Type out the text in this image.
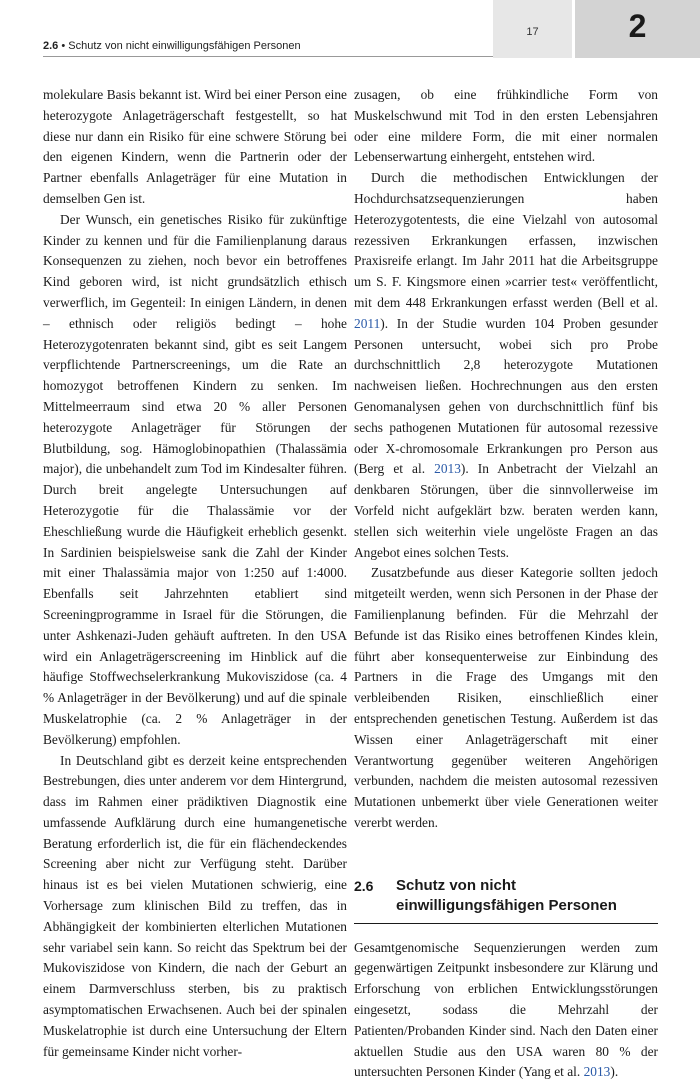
17	2
2.6 • Schutz von nicht einwilligungsfähigen Personen

molekulare Basis bekannt ist. Wird bei einer Person eine heterozygote Anlageträgerschaft festgestellt, so hat diese nur dann ein Risiko für eine schwere Störung bei den eigenen Kindern, wenn die Partnerin oder der Partner ebenfalls Anlageträger für eine Mutation in demselben Gen ist.

Der Wunsch, ein genetisches Risiko für zukünftige Kinder zu kennen und für die Familienplanung daraus Konsequenzen zu ziehen, noch bevor ein betroffenes Kind geboren wird, ist nicht grundsätzlich ethisch verwerflich, im Gegenteil: In einigen Ländern, in denen – ethnisch oder religiös bedingt – hohe Heterozygotenraten bekannt sind, gibt es seit Langem verpflichtende Partnerscreenings, um die Rate an homozygot betroffenen Kindern zu senken. Im Mittelmeerraum sind etwa 20 % aller Personen heterozygote Anlageträger für Störungen der Blutbildung, sog. Hämoglobinopathien (Thalassämia major), die unbehandelt zum Tod im Kindesalter führen. Durch breit angelegte Untersuchungen auf Heterozygotie für die Thalassämie vor der Eheschließung wurde die Häufigkeit erheblich gesenkt. In Sardinien beispielsweise sank die Zahl der Kinder mit einer Thalassämia major von 1:250 auf 1:4000. Ebenfalls seit Jahrzehnten etabliert sind Screeningprogramme in Israel für die Störungen, die unter Ashkenazi-Juden gehäuft auftreten. In den USA wird ein Anlageträgerscreening im Hinblick auf die häufige Stoffwechselerkrankung Mukoviszidose (ca. 4 % Anlageträger in der Bevölkerung) und auf die spinale Muskelatrophie (ca. 2 % Anlageträger in der Bevölkerung) empfohlen.

In Deutschland gibt es derzeit keine entsprechenden Bestrebungen, dies unter anderem vor dem Hintergrund, dass im Rahmen einer prädiktiven Diagnostik eine umfassende Aufklärung durch eine humangenetische Beratung erforderlich ist, die für ein flächendeckendes Screening aber nicht zur Verfügung steht. Darüber hinaus ist es bei vielen Mutationen schwierig, eine Vorhersage zum klinischen Bild zu treffen, das in Abhängigkeit der kombinierten elterlichen Mutationen sehr variabel sein kann. So reicht das Spektrum bei der Mukoviszidose von Kindern, die nach der Geburt an einem Darmverschluss sterben, bis zu praktisch asymptomatischen Erwachsenen. Auch bei der spinalen Muskelatrophie ist durch eine Untersuchung der Eltern für gemeinsame Kinder nicht vorher-

zusagen, ob eine frühkindliche Form von Muskelschwund mit Tod in den ersten Lebensjahren oder eine mildere Form, die mit einer normalen Lebenserwartung einhergeht, entstehen wird.

Durch die methodischen Entwicklungen der Hochdurchsatzsequenzierungen haben Heterozygotentests, die eine Vielzahl von autosomal rezessiven Erkrankungen erfassen, inzwischen Praxisreife erlangt. Im Jahr 2011 hat die Arbeitsgruppe um S. F. Kingsmore einen »carrier test« veröffentlicht, mit dem 448 Erkrankungen erfasst werden (Bell et al. 2011). In der Studie wurden 104 Proben gesunder Personen untersucht, wobei sich pro Probe durchschnittlich 2,8 heterozygote Mutationen nachweisen ließen. Hochrechnungen aus den ersten Genomanalysen gehen von durchschnittlich fünf bis sechs pathogenen Mutationen für autosomal rezessive oder X-chromosomale Erkrankungen pro Person aus (Berg et al. 2013). In Anbetracht der Vielzahl an denkbaren Störungen, über die sinnvollerweise im Vorfeld nicht aufgeklärt bzw. beraten werden kann, stellen sich weiterhin viele ungelöste Fragen an das Angebot eines solchen Tests.

Zusatzbefunde aus dieser Kategorie sollten jedoch mitgeteilt werden, wenn sich Personen in der Phase der Familienplanung befinden. Für die Mehrzahl der Befunde ist das Risiko eines betroffenen Kindes klein, führt aber konsequenterweise zur Einbindung des Partners in die Frage des Umgangs mit den verbleibenden Risiken, einschließlich einer entsprechenden genetischen Testung. Außerdem ist das Wissen einer Anlageträgerschaft mit einer Verantwortung gegenüber weiteren Angehörigen verbunden, nachdem die meisten autosomal rezessiven Mutationen unbemerkt über viele Generationen weiter vererbt werden.

2.6	Schutz von nicht einwilligungsfähigen Personen

Gesamtgenomische Sequenzierungen werden zum gegenwärtigen Zeitpunkt insbesondere zur Klärung und Erforschung von erblichen Entwicklungsstörungen eingesetzt, sodass die Mehrzahl der Patienten/Probanden Kinder sind. Nach den Daten einer aktuellen Studie aus den USA waren 80 % der untersuchten Personen Kinder (Yang et al. 2013).
